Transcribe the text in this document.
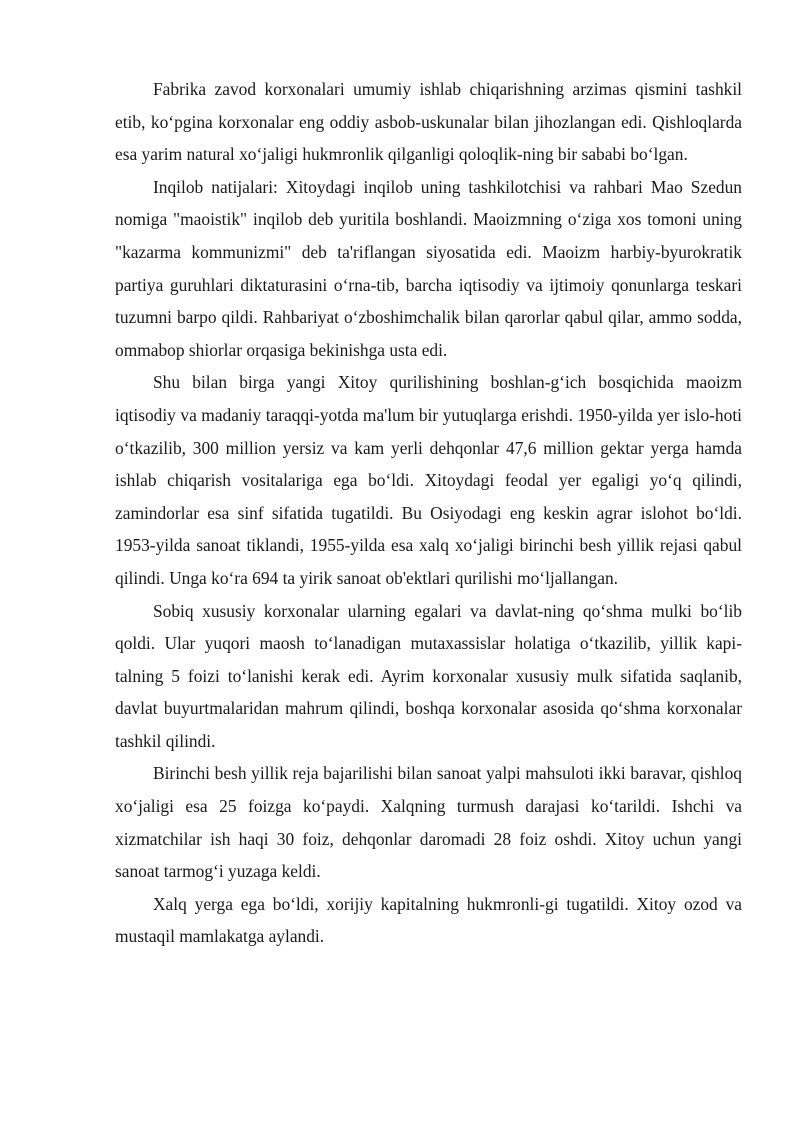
Fabrika zavod korxonalari umumiy ishlab chiqarishning arzimas qismini tashkil etib, ko‘pgina korxonalar eng oddiy asbob-uskunalar bilan jihozlangan edi. Qishloqlarda esa yarim natural xo‘jaligi hukmronlik qilganligi qoloqlik-ning bir sababi bo‘lgan.

Inqilob natijalari: Xitoydagi inqilob uning tashkilotchisi va rahbari Mao Szedun nomiga "maoistik" inqilob deb yuritila boshlandi. Maoizmning o‘ziga xos tomoni uning "kazarma kommunizmi" deb ta'riflangan siyosatida edi. Maoizm harbiy-byurokratik partiya guruhlari diktaturasini o‘rna-tib, barcha iqtisodiy va ijtimoiy qonunlarga teskari tuzumni barpo qildi. Rahbariyat o‘zboshimchalik bilan qarorlar qabul qilar, ammo sodda, ommabop shiorlar orqasiga bekinishga usta edi.

Shu bilan birga yangi Xitoy qurilishining boshlan-g‘ich bosqichida maoizm iqtisodiy va madaniy taraqqi-yotda ma'lum bir yutuqlarga erishdi. 1950-yilda yer islo-hoti o‘tkazilib, 300 million yersiz va kam yerli dehqonlar 47,6 million gektar yerga hamda ishlab chiqarish vositalariga ega bo‘ldi. Xitoydagi feodal yer egaligi yo‘q qilindi, zamindorlar esa sinf sifatida tugatildi. Bu Osiyodagi eng keskin agrar islohot bo‘ldi. 1953-yilda sanoat tiklandi, 1955-yilda esa xalq xo‘jaligi birinchi besh yillik rejasi qabul qilindi. Unga ko‘ra 694 ta yirik sanoat ob'ektlari qurilishi mo‘ljallangan.

Sobiq xususiy korxonalar ularning egalari va davlat-ning qo‘shma mulki bo‘lib qoldi. Ular yuqori maosh to‘lanadigan mutaxassislar holatiga o‘tkazilib, yillik kapi-talning 5 foizi to‘lanishi kerak edi. Ayrim korxonalar xususiy mulk sifatida saqlanib, davlat buyurtmalaridan mahrum qilindi, boshqa korxonalar asosida qo‘shma korxonalar tashkil qilindi.

Birinchi besh yillik reja bajarilishi bilan sanoat yalpi mahsuloti ikki baravar, qishloq xo‘jaligi esa 25 foizga ko‘paydi. Xalqning turmush darajasi ko‘tarildi. Ishchi va xizmatchilar ish haqi 30 foiz, dehqonlar daromadi 28 foiz oshdi. Xitoy uchun yangi sanoat tarmog‘i yuzaga keldi.

Xalq yerga ega bo‘ldi, xorijiy kapitalning hukmronli-gi tugatildi. Xitoy ozod va mustaqil mamlakatga aylandi.
